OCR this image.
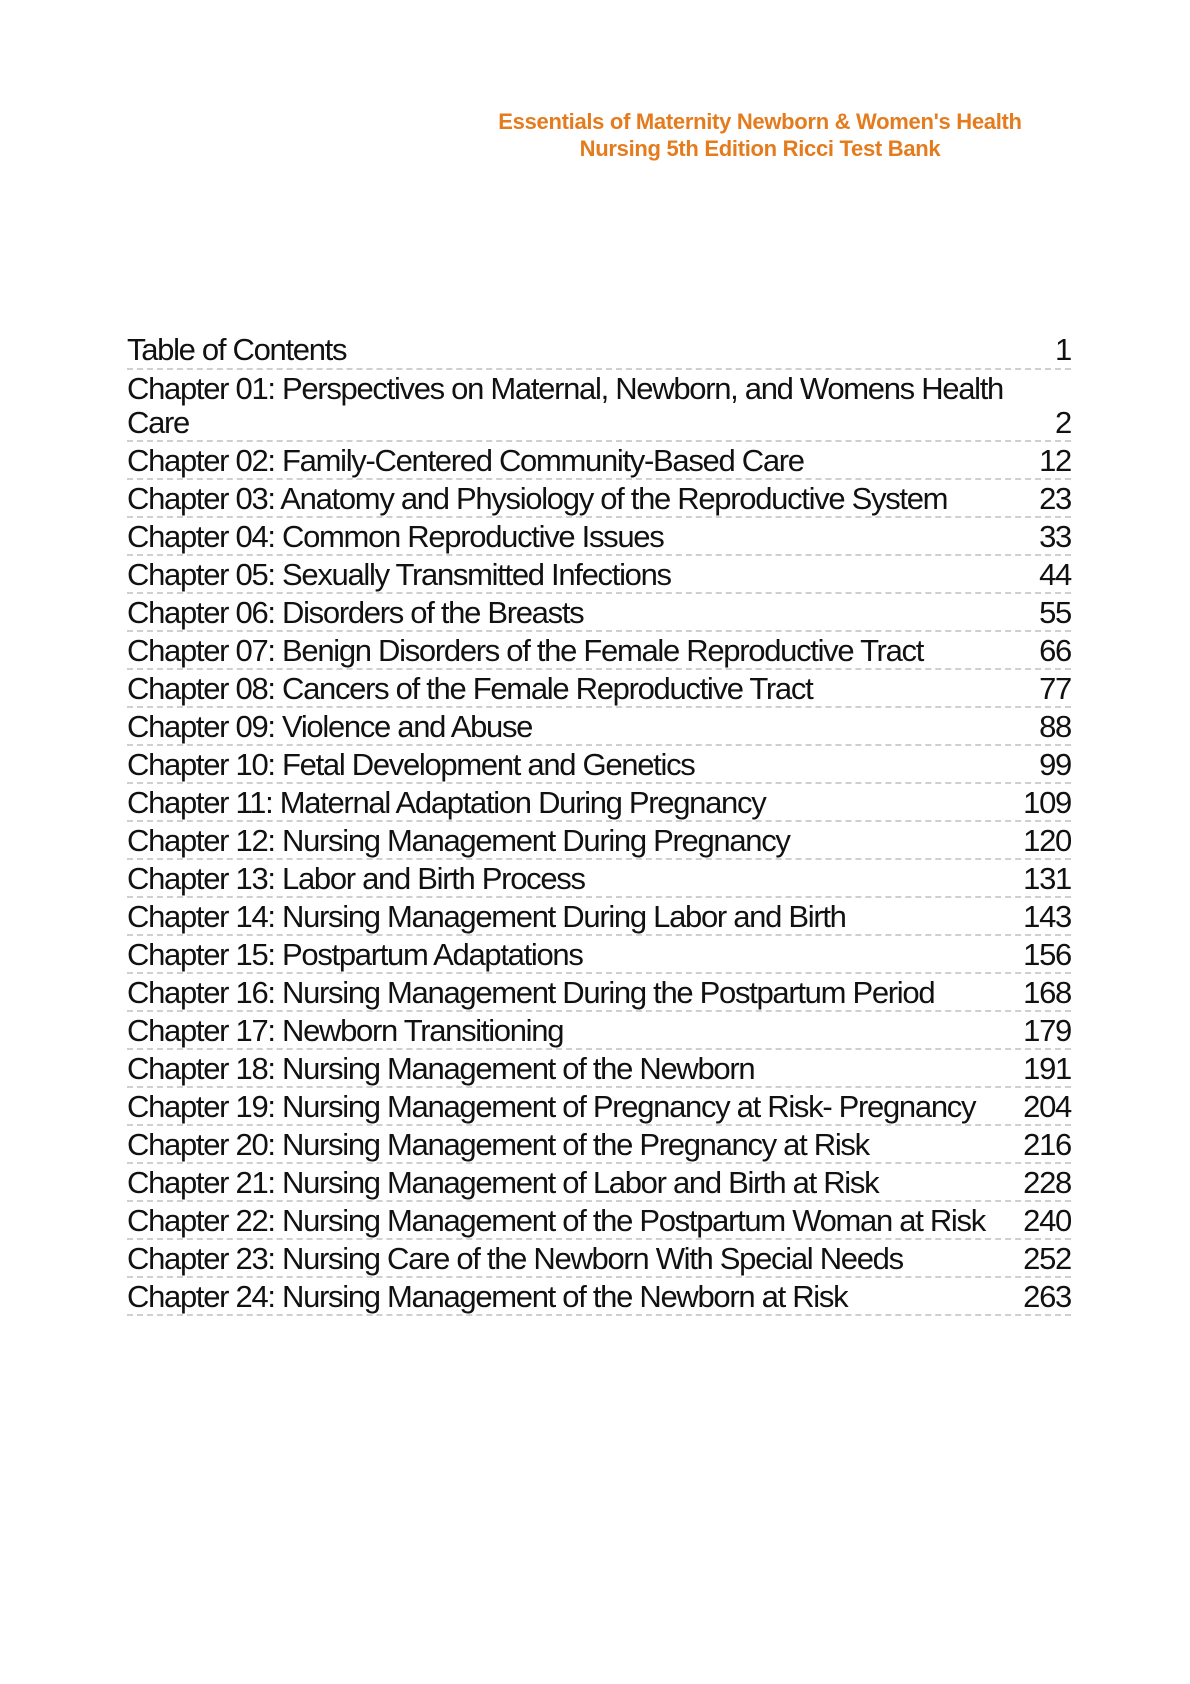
Essentials of Maternity Newborn & Women's Health
Nursing 5th Edition Ricci Test Bank
Table of Contents	1
Chapter 01: Perspectives on Maternal, Newborn, and Womens Health Care	2
Chapter 02: Family-Centered Community-Based Care	12
Chapter 03: Anatomy and Physiology of the Reproductive System	23
Chapter 04: Common Reproductive Issues	33
Chapter 05: Sexually Transmitted Infections	44
Chapter 06: Disorders of the Breasts	55
Chapter 07: Benign Disorders of the Female Reproductive Tract	66
Chapter 08: Cancers of the Female Reproductive Tract	77
Chapter 09: Violence and Abuse	88
Chapter 10: Fetal Development and Genetics	99
Chapter 11: Maternal Adaptation During Pregnancy	109
Chapter 12: Nursing Management During Pregnancy	120
Chapter 13: Labor and Birth Process	131
Chapter 14: Nursing Management During Labor and Birth	143
Chapter 15: Postpartum Adaptations	156
Chapter 16: Nursing Management During the Postpartum Period	168
Chapter 17: Newborn Transitioning	179
Chapter 18: Nursing Management of the Newborn	191
Chapter 19: Nursing Management of Pregnancy at Risk- Pregnancy	204
Chapter 20: Nursing Management of the Pregnancy at Risk	216
Chapter 21: Nursing Management of Labor and Birth at Risk	228
Chapter 22: Nursing Management of the Postpartum Woman at Risk	240
Chapter 23: Nursing Care of the Newborn With Special Needs	252
Chapter 24: Nursing Management of the Newborn at Risk	263
